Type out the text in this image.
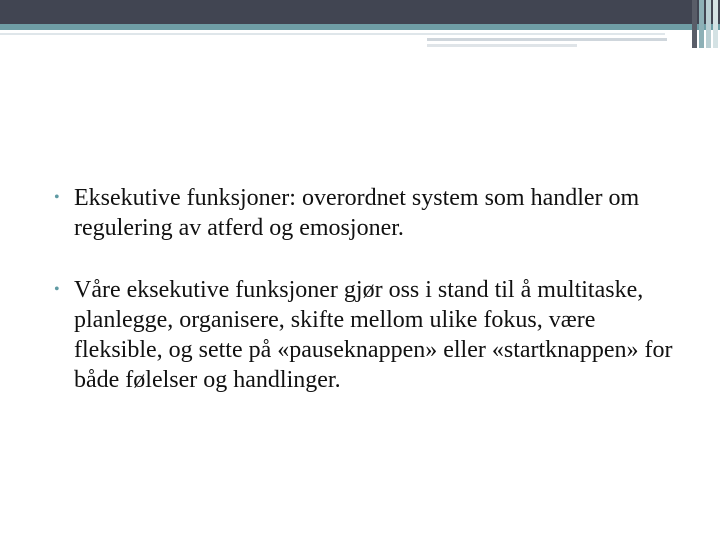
• Eksekutive funksjoner: overordnet system som handler om regulering av atferd og emosjoner.
• Våre eksekutive funksjoner gjør oss i stand til å multitaske, planlegge, organisere, skifte mellom ulike fokus, være fleksible, og sette på «pauseknappen» eller «startknappen» for både følelser og handlinger.
